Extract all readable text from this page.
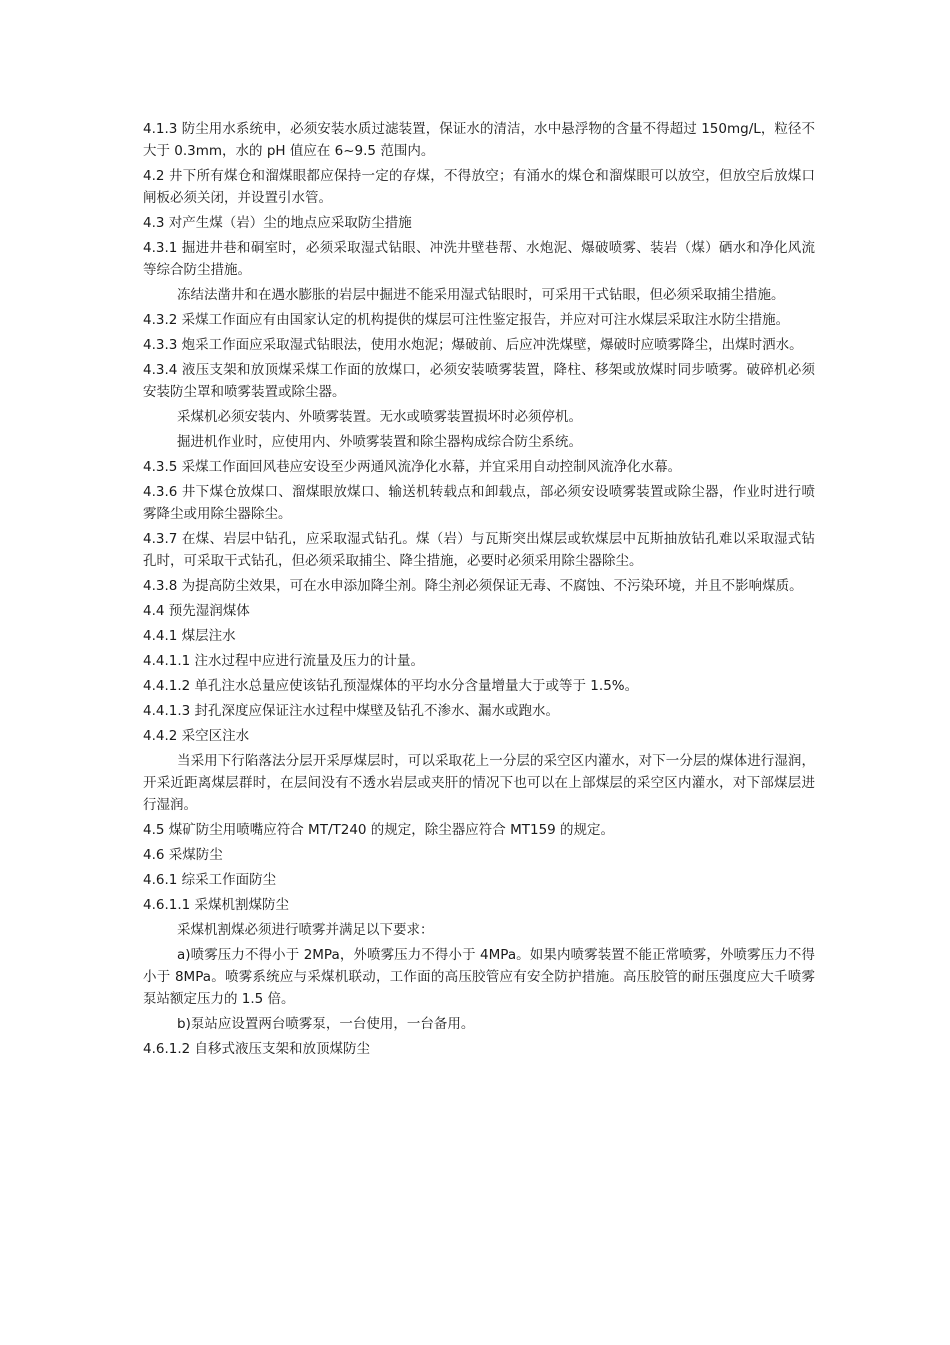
4.1.3 防尘用水系统申，必须安装水质过滤装置，保证水的清洁，水中悬浮物的含量不得超过 150mg/L，粒径不大于 0.3mm，水的 pH 值应在 6~9.5 范围内。

4.2 井下所有煤仓和溜煤眼都应保持一定的存煤，不得放空；有涌水的煤仓和溜煤眼可以放空，但放空后放煤口闸板必须关闭，并设置引水管。

4.3 对产生煤（岩）尘的地点应采取防尘措施

4.3.1 掘进井巷和硐室时，必须采取湿式钻眼、冲洗井壁巷帮、水炮泥、爆破喷雾、装岩（煤）硒水和净化风流等综合防尘措施。

冻结法凿井和在遇水膨胀的岩层中掘进不能采用湿式钻眼时，可采用干式钻眼，但必须采取捕尘措施。

4.3.2 采煤工作面应有由国家认定的机构提供的煤层可注性鉴定报告，并应对可注水煤层采取注水防尘措施。

4.3.3 炮采工作面应采取湿式钻眼法，使用水炮泥；爆破前、后应冲洗煤壁，爆破时应喷雾降尘，出煤时洒水。

4.3.4 液压支架和放顶煤采煤工作面的放煤口，必须安装喷雾装置，降柱、移架或放煤时同步喷雾。破碎机必须安装防尘罩和喷雾装置或除尘器。

采煤机必须安装内、外喷雾装置。无水或喷雾装置损坏时必须停机。

掘进机作业时，应使用内、外喷雾装置和除尘器构成综合防尘系统。

4.3.5 采煤工作面回风巷应安设至少两通风流净化水幕，并宜采用自动控制风流净化水幕。

4.3.6 井下煤仓放煤口、溜煤眼放煤口、输送机转载点和卸载点，部必须安设喷雾装置或除尘器，作业时进行喷雾降尘或用除尘器除尘。

4.3.7 在煤、岩层中钻孔，应采取湿式钻孔。煤（岩）与瓦斯突出煤层或软煤层中瓦斯抽放钻孔难以采取湿式钻孔时，可采取干式钻孔，但必须采取捕尘、降尘措施，必要时必须采用除尘器除尘。

4.3.8 为提高防尘效果，可在水申添加降尘剂。降尘剂必须保证无毒、不腐蚀、不污染环境，并且不影响煤质。

4.4 预先湿润煤体

4.4.1 煤层注水

4.4.1.1 注水过程中应进行流量及压力的计量。

4.4.1.2 单孔注水总量应使该钻孔预湿煤体的平均水分含量增量大于或等于 1.5%。

4.4.1.3 封孔深度应保证注水过程中煤壁及钻孔不渗水、漏水或跑水。

4.4.2 采空区注水

当采用下行陷落法分层开采厚煤层时，可以采取花上一分层的采空区内灌水，对下一分层的煤体进行湿润，开采近距离煤层群时，在层间没有不透水岩层或夹肝的情况下也可以在上部煤层的采空区内灌水，对下部煤层进行湿润。

4.5 煤矿防尘用喷嘴应符合 MT/T240 的规定，除尘器应符合 MT159 的规定。

4.6 采煤防尘

4.6.1 综采工作面防尘

4.6.1.1 采煤机割煤防尘

采煤机割煤必须进行喷雾并满足以下要求：

a)喷雾压力不得小于 2MPa，外喷雾压力不得小于 4MPa。如果内喷雾装置不能正常喷雾，外喷雾压力不得小于 8MPa。喷雾系统应与采煤机联动，工作面的高压胶管应有安全防护措施。高压胶管的耐压强度应大千喷雾泵站额定压力的 1.5 倍。

b)泵站应设置两台喷雾泵，一台使用，一台备用。

4.6.1.2 自移式液压支架和放顶煤防尘
